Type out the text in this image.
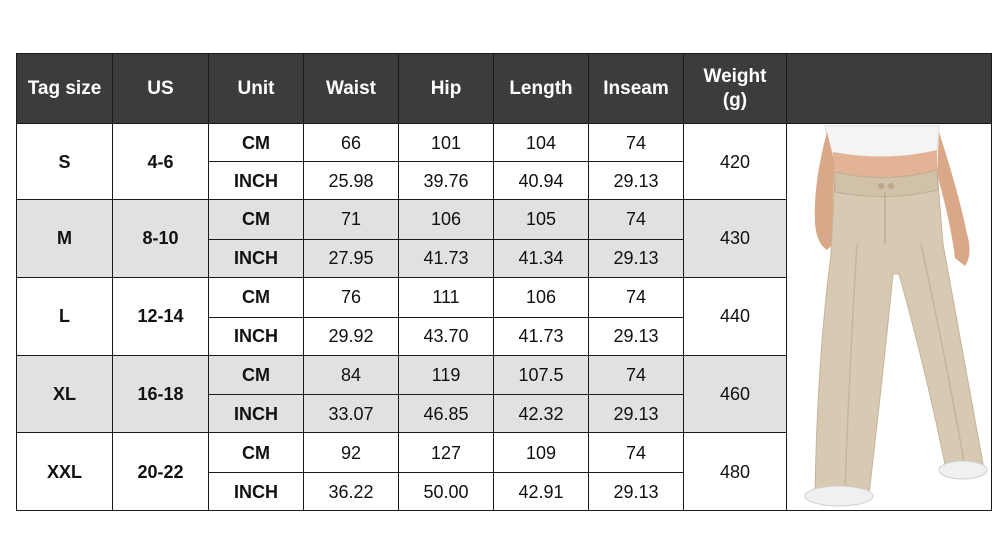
Tag size	US	Unit	Waist	Hip	Length	Inseam	Weight
(g)	
S	4-6	CM	66	101	104	74	420	

		INCH	25.98	39.76	40.94	29.13		
M	8-10	CM	71	106	105	74	430	
		INCH	27.95	41.73	41.34	29.13		
L	12-14	CM	76	111	106	74	440	
		INCH	29.92	43.70	41.73	29.13		
XL	16-18	CM	84	119	107.5	74	460	
		INCH	33.07	46.85	42.32	29.13		
XXL	20-22	CM	92	127	109	74	480	
		INCH	36.22	50.00	42.91	29.13		
